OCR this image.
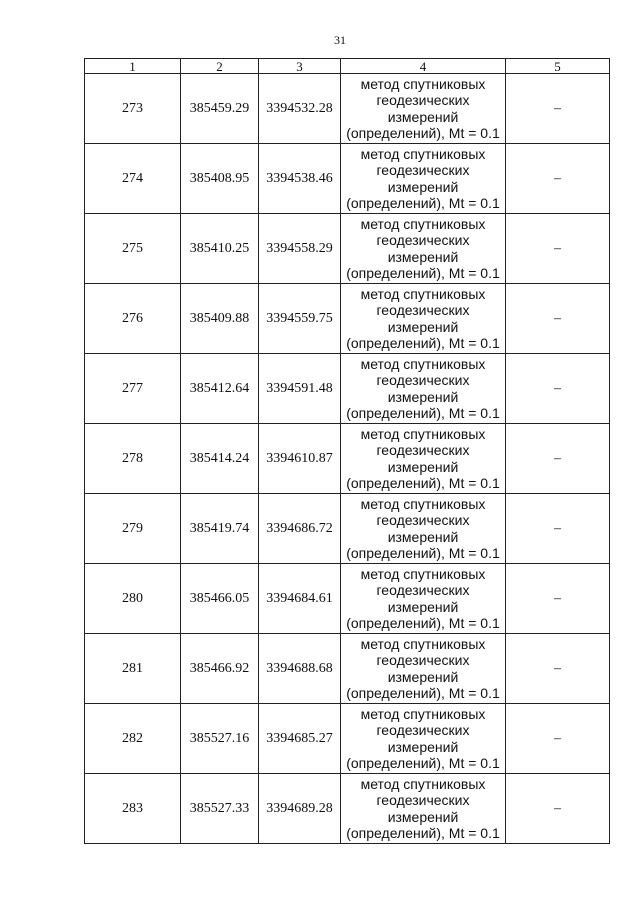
31
1	2	3	4	5
273	385459.29	3394532.28	метод спутниковых геодезических измерений (определений), Mt = 0.1	–
274	385408.95	3394538.46	метод спутниковых геодезических измерений (определений), Mt = 0.1	–
275	385410.25	3394558.29	метод спутниковых геодезических измерений (определений), Mt = 0.1	–
276	385409.88	3394559.75	метод спутниковых геодезических измерений (определений), Mt = 0.1	–
277	385412.64	3394591.48	метод спутниковых геодезических измерений (определений), Mt = 0.1	–
278	385414.24	3394610.87	метод спутниковых геодезических измерений (определений), Mt = 0.1	–
279	385419.74	3394686.72	метод спутниковых геодезических измерений (определений), Mt = 0.1	–
280	385466.05	3394684.61	метод спутниковых геодезических измерений (определений), Mt = 0.1	–
281	385466.92	3394688.68	метод спутниковых геодезических измерений (определений), Mt = 0.1	–
282	385527.16	3394685.27	метод спутниковых геодезических измерений (определений), Mt = 0.1	–
283	385527.33	3394689.28	метод спутниковых геодезических измерений (определений), Mt = 0.1	–
